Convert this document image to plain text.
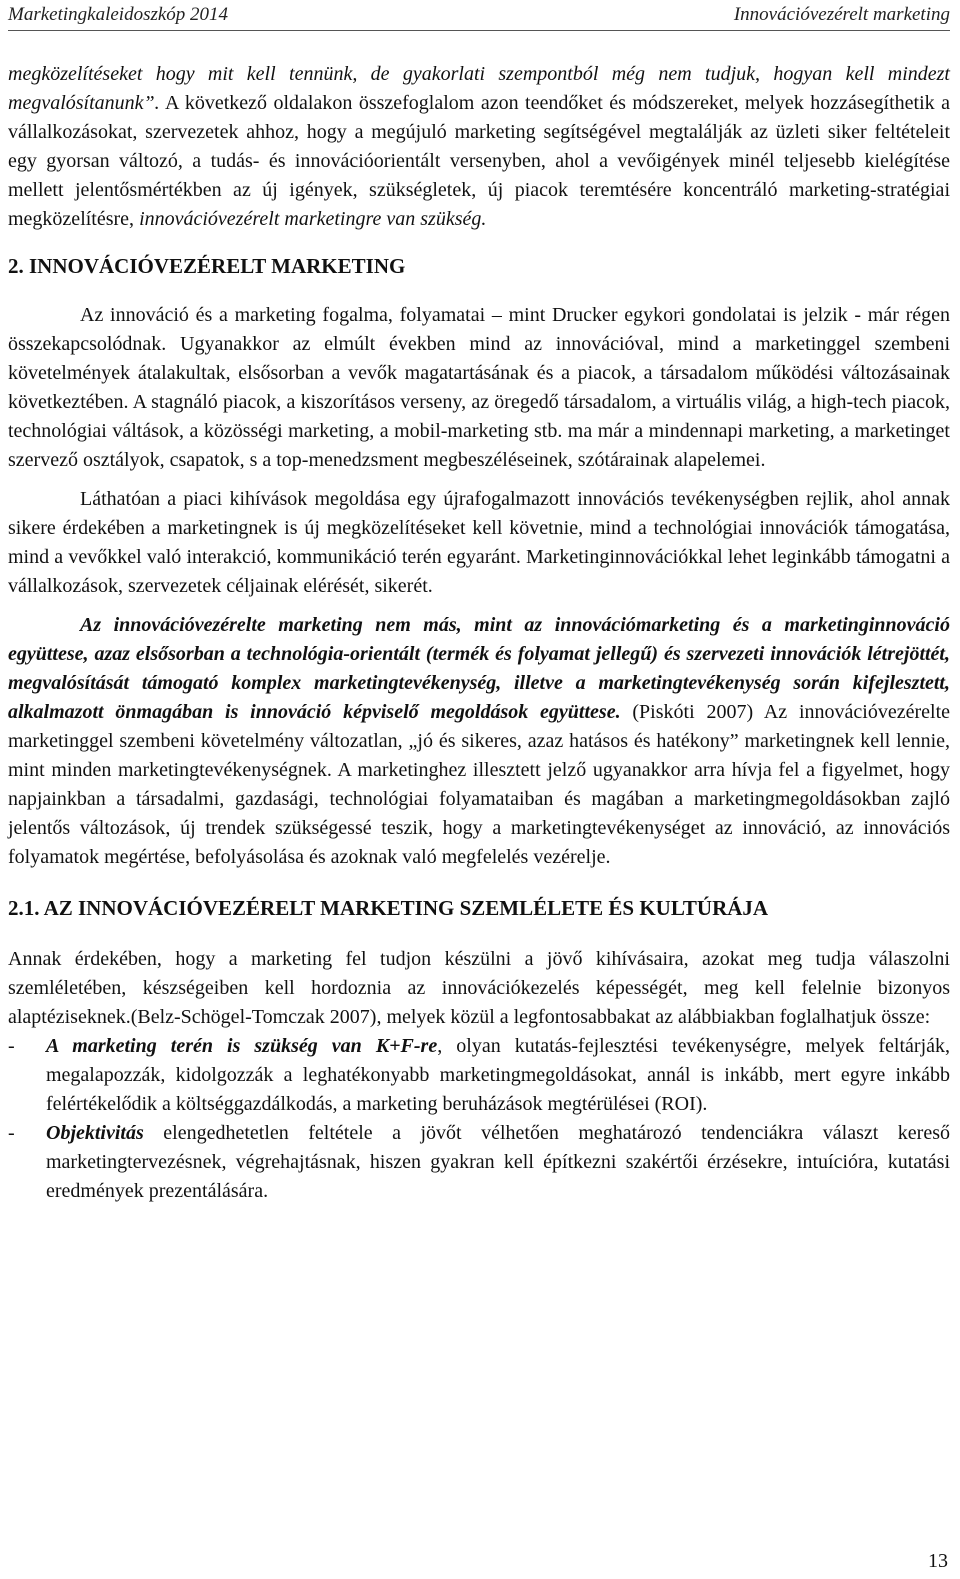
Marketingkaleidoszkóp 2014	Innovációvezérelt marketing

megközelítéseket hogy mit kell tennünk, de gyakorlati szempontból még nem tudjuk, hogyan kell mindezt megvalósítanunk”. A következő oldalakon összefoglalom azon teendőket és módszereket, melyek hozzásegíthetik a vállalkozásokat, szervezetek ahhoz, hogy a megújuló marketing segítségével megtalálják az üzleti siker feltételeit egy gyorsan változó, a tudás- és innovációorientált versenyben, ahol a vevőigények minél teljesebb kielégítése mellett jelentősmértékben az új igények, szükségletek, új piacok teremtésére koncentráló marketing-stratégiai megközelítésre, innovációvezérelt marketingre van szükség.

2. INNOVÁCIÓVEZÉRELT MARKETING

Az innováció és a marketing fogalma, folyamatai – mint Drucker egykori gondolatai is jelzik - már régen összekapcsolódnak. Ugyanakkor az elmúlt években mind az innovációval, mind a marketinggel szembeni követelmények átalakultak, elsősorban a vevők magatartásának és a piacok, a társadalom működési változásainak következtében. A stagnáló piacok, a kiszorításos verseny, az öregedő társadalom, a virtuális világ, a high-tech piacok, technológiai váltások, a közösségi marketing, a mobil-marketing stb. ma már a mindennapi marketing, a marketinget szervező osztályok, csapatok, s a top-menedzsment megbeszéléseinek, szótárainak alapelemei.

Láthatóan a piaci kihívások megoldása egy újrafogalmazott innovációs tevékenységben rejlik, ahol annak sikere érdekében a marketingnek is új megközelítéseket kell követnie, mind a technológiai innovációk támogatása, mind a vevőkkel való interakció, kommunikáció terén egyaránt. Marketinginnovációkkal lehet leginkább támogatni a vállalkozások, szervezetek céljainak elérését, sikerét.

Az innovációvezérelte marketing nem más, mint az innovációmarketing és a marketinginnováció együttese, azaz elsősorban a technológia-orientált (termék és folyamat jellegű) és szervezeti innovációk létrejöttét, megvalósítását támogató komplex marketingtevékenység, illetve a marketingtevékenység során kifejlesztett, alkalmazott önmagában is innováció képviselő megoldások együttese. (Piskóti 2007) Az innovációvezérelte marketinggel szembeni követelmény változatlan, „jó és sikeres, azaz hatásos és hatékony” marketingnek kell lennie, mint minden marketingtevékenységnek. A marketinghez illesztett jelző ugyanakkor arra hívja fel a figyelmet, hogy napjainkban a társadalmi, gazdasági, technológiai folyamataiban és magában a marketingmegoldásokban zajló jelentős változások, új trendek szükségessé teszik, hogy a marketingtevékenységet az innováció, az innovációs folyamatok megértése, befolyásolása és azoknak való megfelelés vezérelje.

2.1. AZ INNOVÁCIÓVEZÉRELT MARKETING SZEMLÉLETE ÉS KULTÚRÁJA

Annak érdekében, hogy a marketing fel tudjon készülni a jövő kihívásaira, azokat meg tudja válaszolni szemléletében, készségeiben kell hordoznia az innovációkezelés képességét, meg kell felelnie bizonyos alaptéziseknek.(Belz-Schögel-Tomczak 2007), melyek közül a legfontosabbakat az alábbiakban foglalhatjuk össze:

-	A marketing terén is szükség van K+F-re, olyan kutatás-fejlesztési tevékenységre, melyek feltárják, megalapozzák, kidolgozzák a leghatékonyabb marketingmegoldásokat, annál is inkább, mert egyre inkább felértékelődik a költséggazdálkodás, a marketing beruházások megtérülései (ROI).
-	Objektivitás elengedhetetlen feltétele a jövőt vélhetően meghatározó tendenciákra választ kereső marketingtervezésnek, végrehajtásnak, hiszen gyakran kell építkezni szakértői érzésekre, intuícióra, kutatási eredmények prezentálására.
13
